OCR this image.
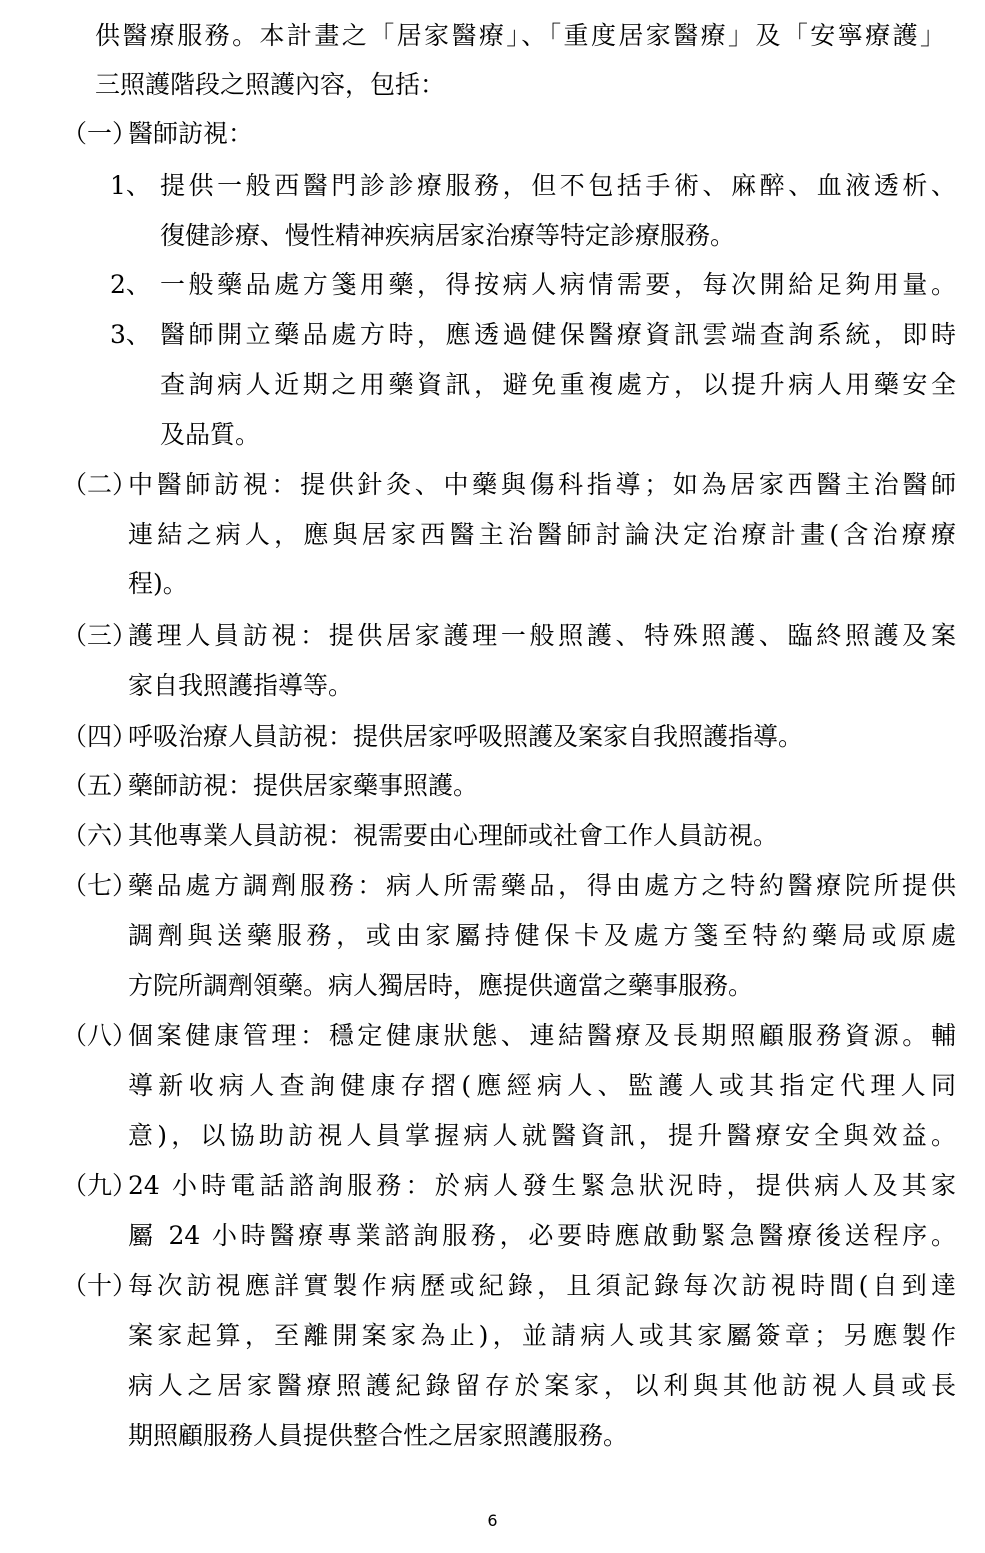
供醫療服務。本計畫之「居家醫療」、「重度居家醫療」及「安寧療護」
三照護階段之照護內容，包括：
（一）
醫師訪視：
1、 提供一般西醫門診診療服務，但不包括手術、麻醉、血液透析、
復健診療、慢性精神疾病居家治療等特定診療服務。
2、 一般藥品處方箋用藥，得按病人病情需要，每次開給足夠用量。
3、 醫師開立藥品處方時，應透過健保醫療資訊雲端查詢系統，即時
查詢病人近期之用藥資訊，避免重複處方，以提升病人用藥安全
及品質。
（二）
中醫師訪視：提供針灸、中藥與傷科指導；如為居家西醫主治醫師
連結之病人，應與居家西醫主治醫師討論決定治療計畫(含治療療
程)。
（三）
護理人員訪視：提供居家護理一般照護、特殊照護、臨終照護及案
家自我照護指導等。
（四）
呼吸治療人員訪視：提供居家呼吸照護及案家自我照護指導。
（五）
藥師訪視：提供居家藥事照護。
（六）
其他專業人員訪視：視需要由心理師或社會工作人員訪視。
（七）
藥品處方調劑服務：病人所需藥品，得由處方之特約醫療院所提供
調劑與送藥服務，或由家屬持健保卡及處方箋至特約藥局或原處
方院所調劑領藥。病人獨居時，應提供適當之藥事服務。
（八）
個案健康管理：穩定健康狀態、連結醫療及長期照顧服務資源。輔
導新收病人查詢健康存摺(應經病人、監護人或其指定代理人同
意)，以協助訪視人員掌握病人就醫資訊，提升醫療安全與效益。
（九）
24 小時電話諮詢服務：於病人發生緊急狀況時，提供病人及其家
屬 24 小時醫療專業諮詢服務，必要時應啟動緊急醫療後送程序。
（十）
每次訪視應詳實製作病歷或紀錄，且須記錄每次訪視時間(自到達
案家起算，至離開案家為止)，並請病人或其家屬簽章；另應製作
病人之居家醫療照護紀錄留存於案家，以利與其他訪視人員或長
期照顧服務人員提供整合性之居家照護服務。
6
